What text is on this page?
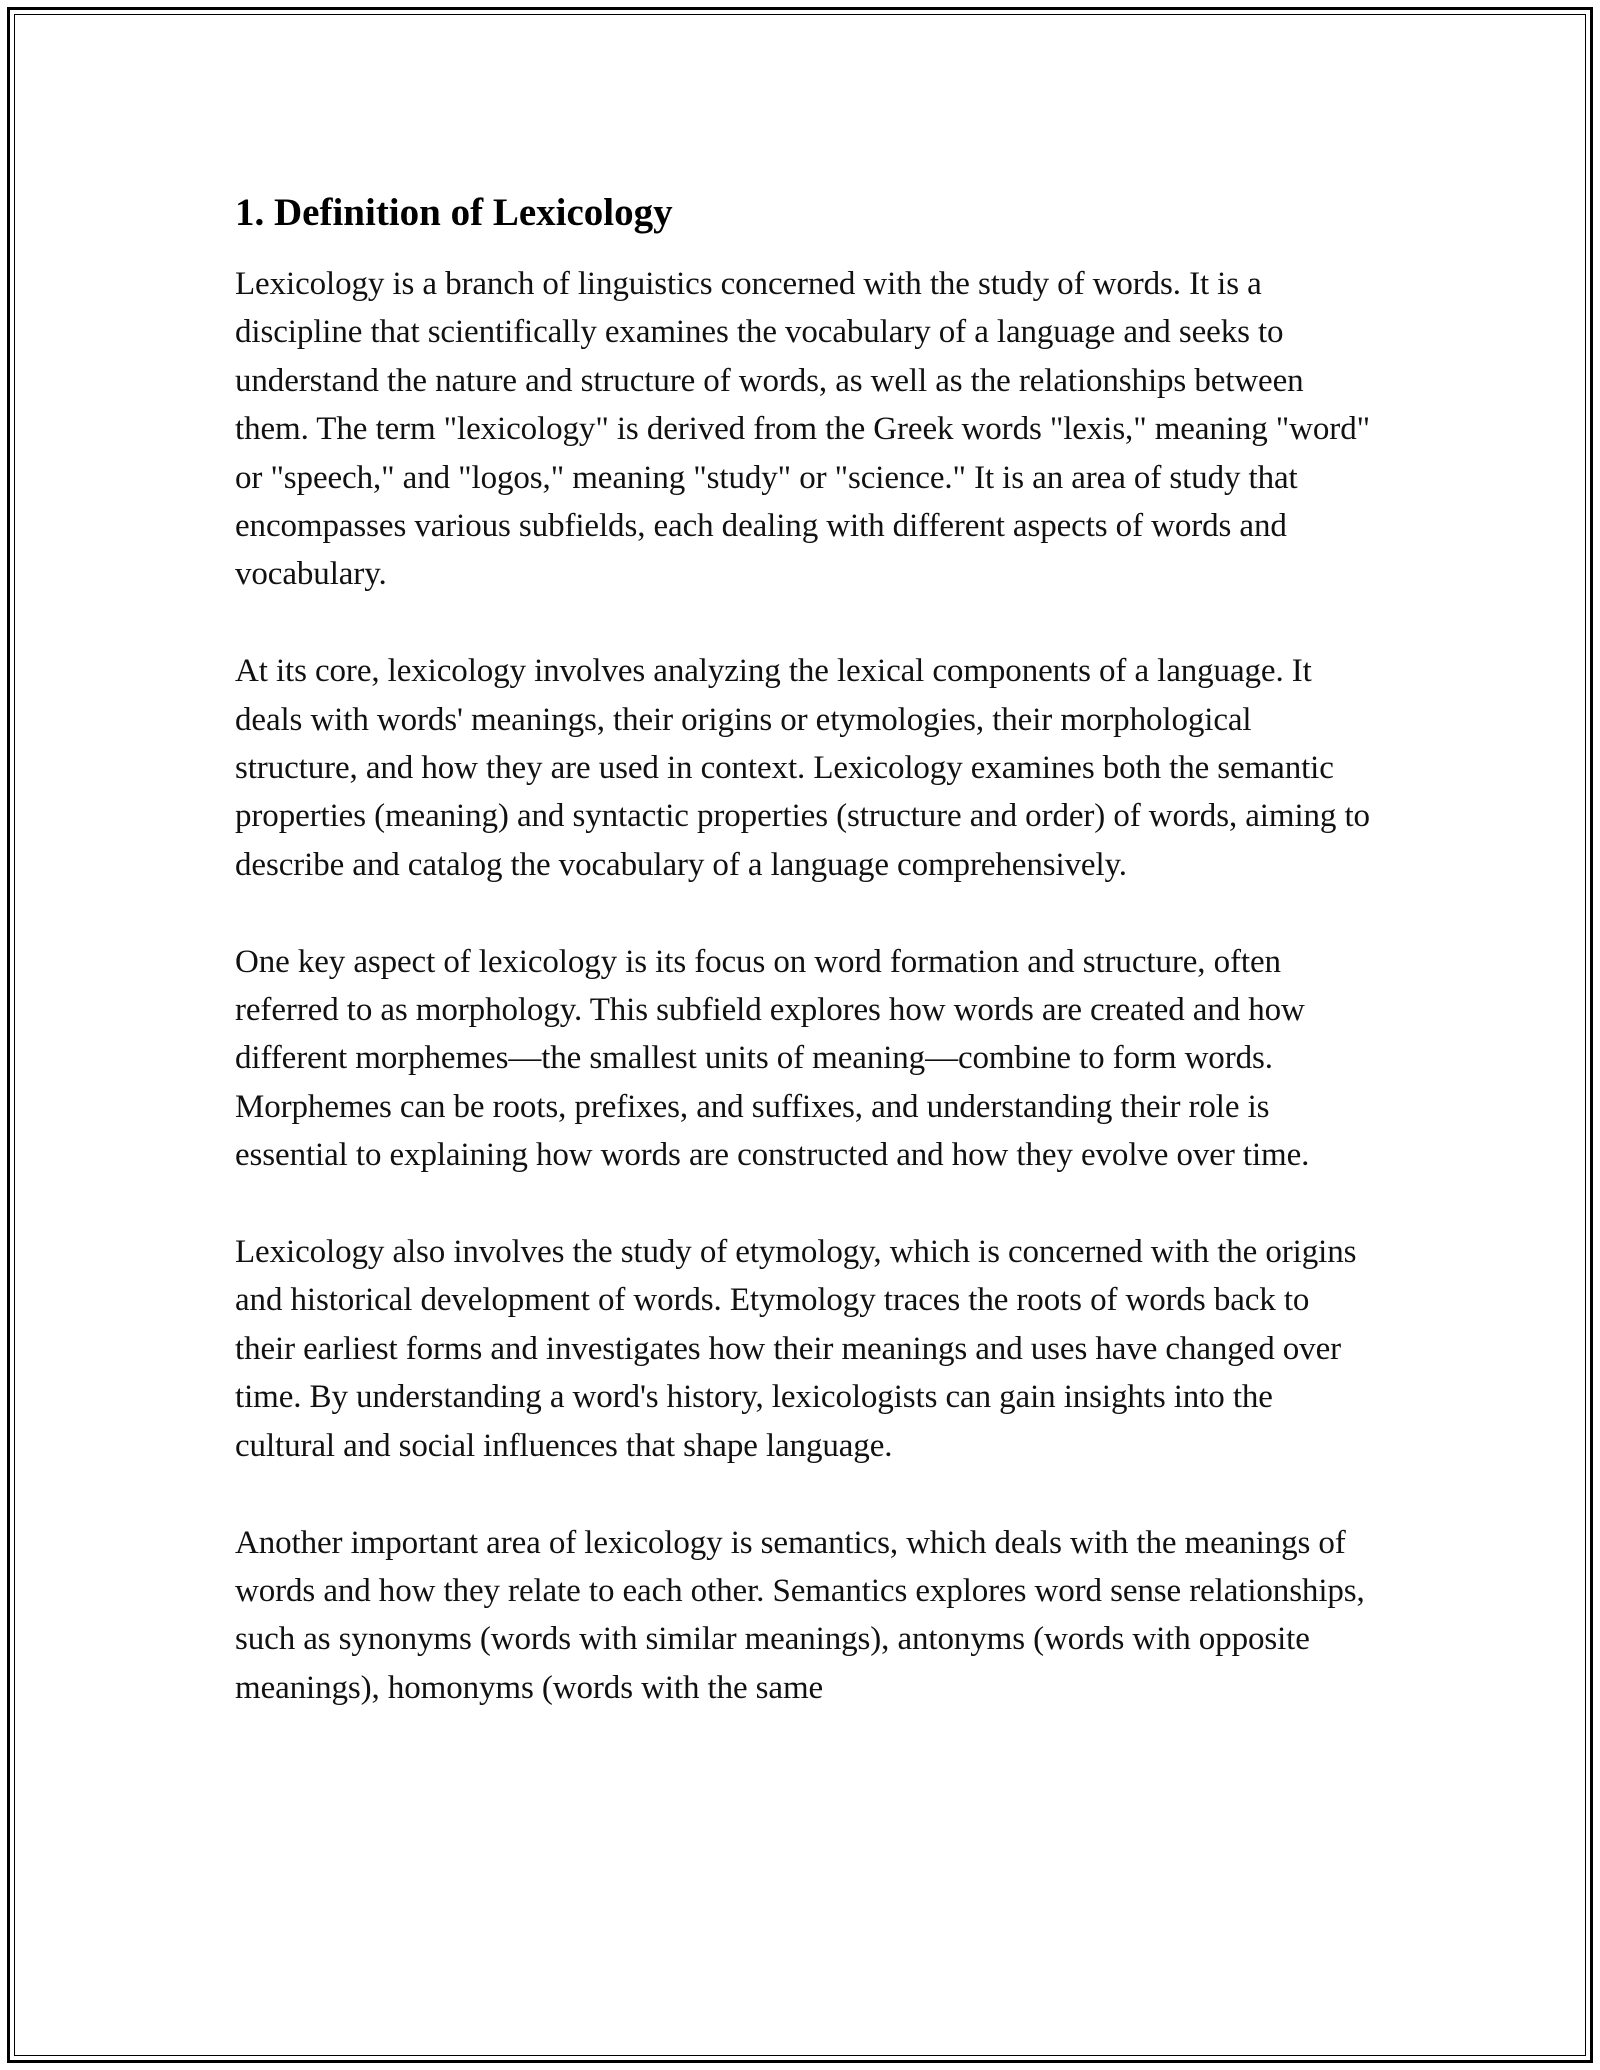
1. Definition of Lexicology

Lexicology is a branch of linguistics concerned with the study of words. It is a discipline that scientifically examines the vocabulary of a language and seeks to understand the nature and structure of words, as well as the relationships between them. The term "lexicology" is derived from the Greek words "lexis," meaning "word" or "speech," and "logos," meaning "study" or "science." It is an area of study that encompasses various subfields, each dealing with different aspects of words and vocabulary.

At its core, lexicology involves analyzing the lexical components of a language. It deals with words' meanings, their origins or etymologies, their morphological structure, and how they are used in context. Lexicology examines both the semantic properties (meaning) and syntactic properties (structure and order) of words, aiming to describe and catalog the vocabulary of a language comprehensively.

One key aspect of lexicology is its focus on word formation and structure, often referred to as morphology. This subfield explores how words are created and how different morphemes—the smallest units of meaning—combine to form words. Morphemes can be roots, prefixes, and suffixes, and understanding their role is essential to explaining how words are constructed and how they evolve over time.

Lexicology also involves the study of etymology, which is concerned with the origins and historical development of words. Etymology traces the roots of words back to their earliest forms and investigates how their meanings and uses have changed over time. By understanding a word's history, lexicologists can gain insights into the cultural and social influences that shape language.

Another important area of lexicology is semantics, which deals with the meanings of words and how they relate to each other. Semantics explores word sense relationships, such as synonyms (words with similar meanings), antonyms (words with opposite meanings), homonyms (words with the same
